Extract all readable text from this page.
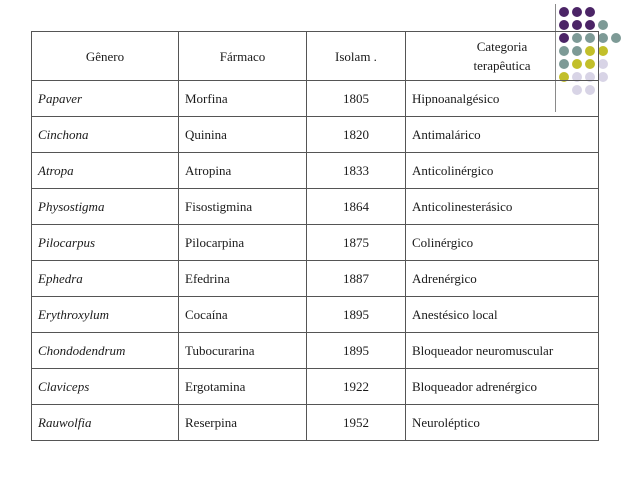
Gênero	Fármaco	Isolam .	Categoria
terapêutica

Papaver	Morfina	1805	Hipnoanalgésico
Cinchona	Quinina	1820	Antimalárico
Atropa	Atropina	1833	Anticolinérgico
Physostigma	Fisostigmina	1864	Anticolinesterásico
Pilocarpus	Pilocarpina	1875	Colinérgico
Ephedra	Efedrina	1887	Adrenérgico
Erythroxylum	Cocaína	1895	Anestésico local
Chondodendrum	Tubocurarina	1895	Bloqueador neuromuscular
Claviceps	Ergotamina	1922	Bloqueador adrenérgico
Rauwolfia	Reserpina	1952	Neuroléptico
